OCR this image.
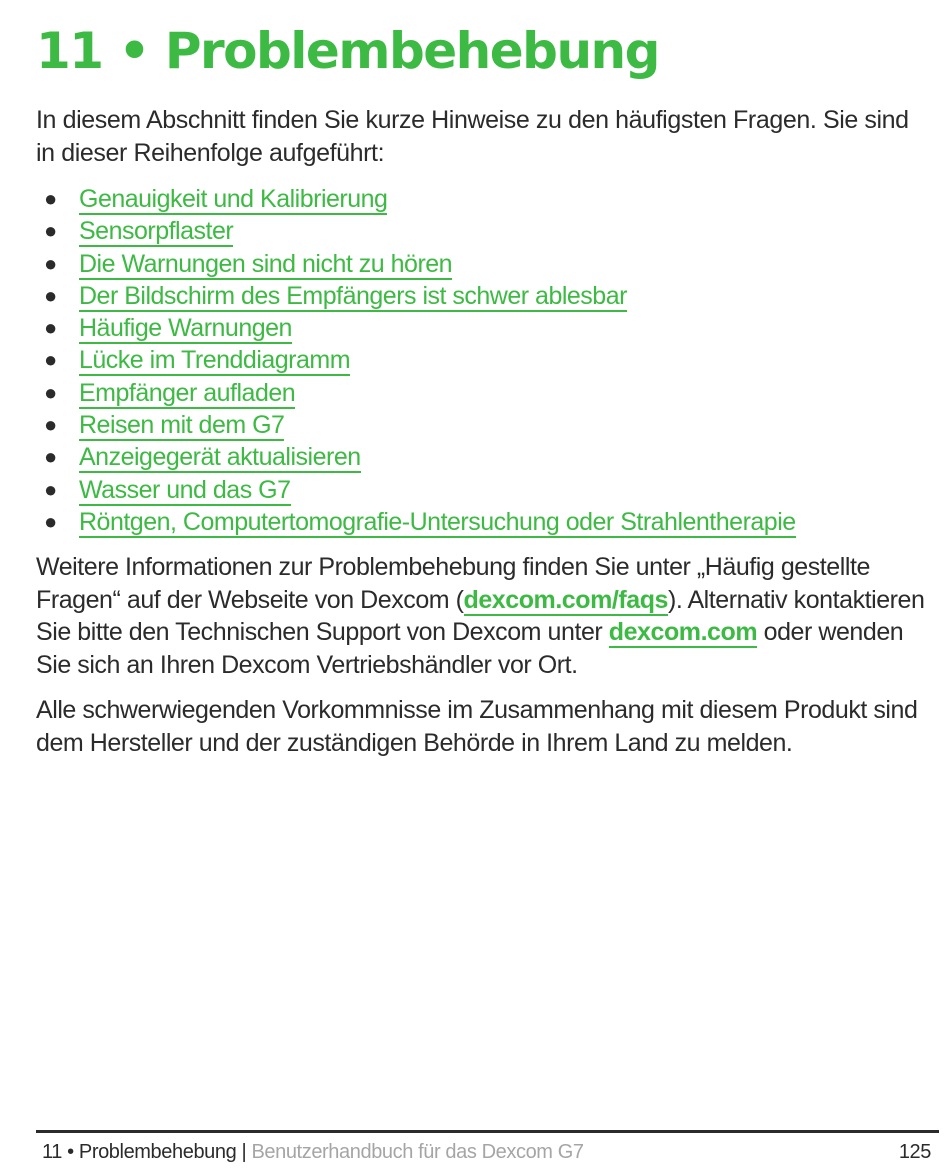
11 • Problembehebung

In diesem Abschnitt finden Sie kurze Hinweise zu den häufigsten Fragen. Sie sind in dieser Reihenfolge aufgeführt:

● Genauigkeit und Kalibrierung
● Sensorpflaster
● Die Warnungen sind nicht zu hören
● Der Bildschirm des Empfängers ist schwer ablesbar
● Häufige Warnungen
● Lücke im Trenddiagramm
● Empfänger aufladen
● Reisen mit dem G7
● Anzeigegerät aktualisieren
● Wasser und das G7
● Röntgen, Computertomografie-Untersuchung oder Strahlentherapie

Weitere Informationen zur Problembehebung finden Sie unter „Häufig gestellte Fragen“ auf der Webseite von Dexcom (dexcom.com/faqs). Alternativ kontaktieren Sie bitte den Technischen Support von Dexcom unter dexcom.com oder wenden Sie sich an Ihren Dexcom Vertriebshändler vor Ort.

Alle schwerwiegenden Vorkommnisse im Zusammenhang mit diesem Produkt sind dem Hersteller und der zuständigen Behörde in Ihrem Land zu melden.

11 • Problembehebung | Benutzerhandbuch für das Dexcom G7	125
